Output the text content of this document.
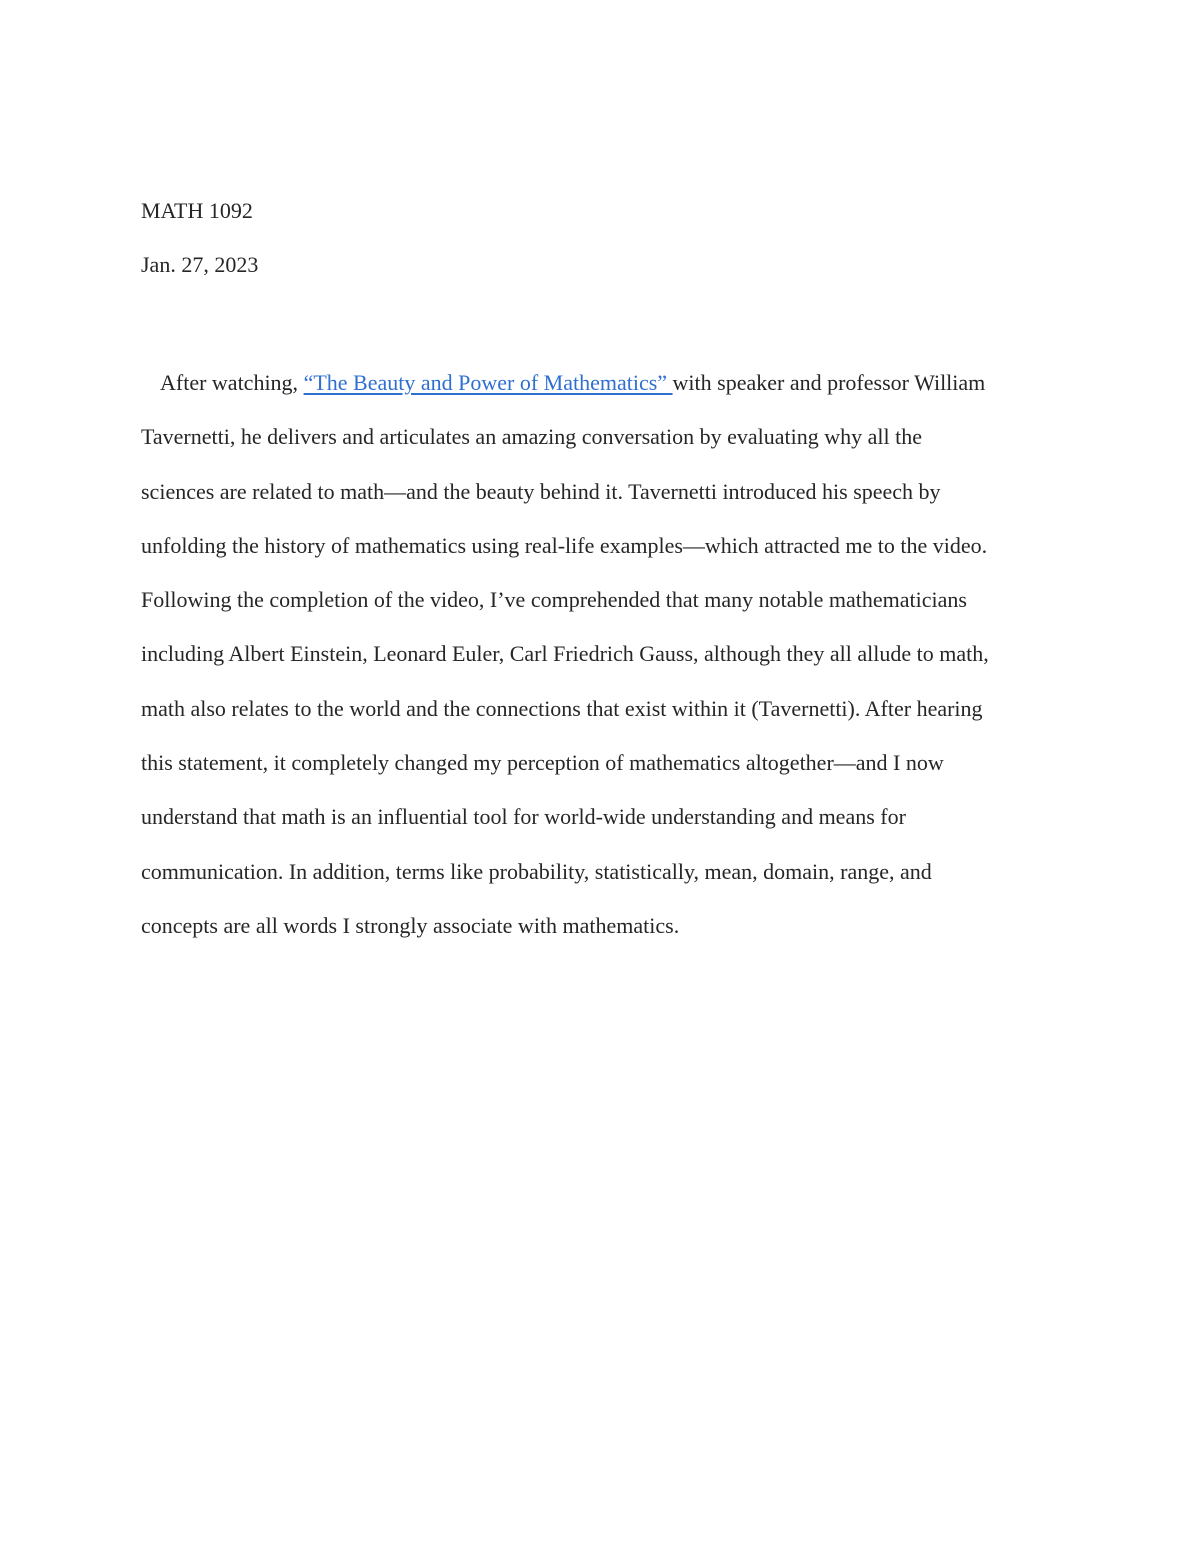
MATH 1092
Jan. 27, 2023
After watching, “The Beauty and Power of Mathematics” with speaker and professor William
Tavernetti, he delivers and articulates an amazing conversation by evaluating why all the
sciences are related to math—and the beauty behind it. Tavernetti introduced his speech by
unfolding the history of mathematics using real-life examples—which attracted me to the video.
Following the completion of the video, I’ve comprehended that many notable mathematicians
including Albert Einstein, Leonard Euler, Carl Friedrich Gauss, although they all allude to math,
math also relates to the world and the connections that exist within it (Tavernetti). After hearing
this statement, it completely changed my perception of mathematics altogether—and I now
understand that math is an influential tool for world-wide understanding and means for
communication. In addition, terms like probability, statistically, mean, domain, range, and
concepts are all words I strongly associate with mathematics.
